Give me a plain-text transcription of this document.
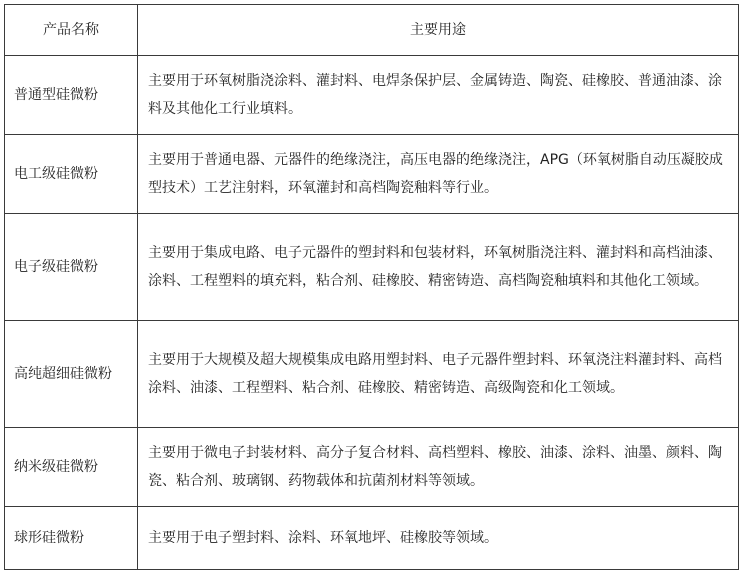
产品名称	主要用途
普通型硅微粉	主要用于环氧树脂浇涂料、灌封料、电焊条保护层、金属铸造、陶瓷、硅橡胶、普通油漆、涂料及其他化工行业填料。
电工级硅微粉	主要用于普通电器、元器件的绝缘浇注，高压电器的绝缘浇注，APG（环氧树脂自动压凝胶成型技术）工艺注射料，环氧灌封和高档陶瓷釉料等行业。
电子级硅微粉	主要用于集成电路、电子元器件的塑封料和包装材料，环氧树脂浇注料、灌封料和高档油漆、涂料、工程塑料的填充料，粘合剂、硅橡胶、精密铸造、高档陶瓷釉填料和其他化工领域。
高纯超细硅微粉	主要用于大规模及超大规模集成电路用塑封料、电子元器件塑封料、环氧浇注料灌封料、高档涂料、油漆、工程塑料、粘合剂、硅橡胶、精密铸造、高级陶瓷和化工领域。
纳米级硅微粉	主要用于微电子封装材料、高分子复合材料、高档塑料、橡胶、油漆、涂料、油墨、颜料、陶瓷、粘合剂、玻璃钢、药物载体和抗菌剂材料等领域。
球形硅微粉	主要用于电子塑封料、涂料、环氧地坪、硅橡胶等领域。
